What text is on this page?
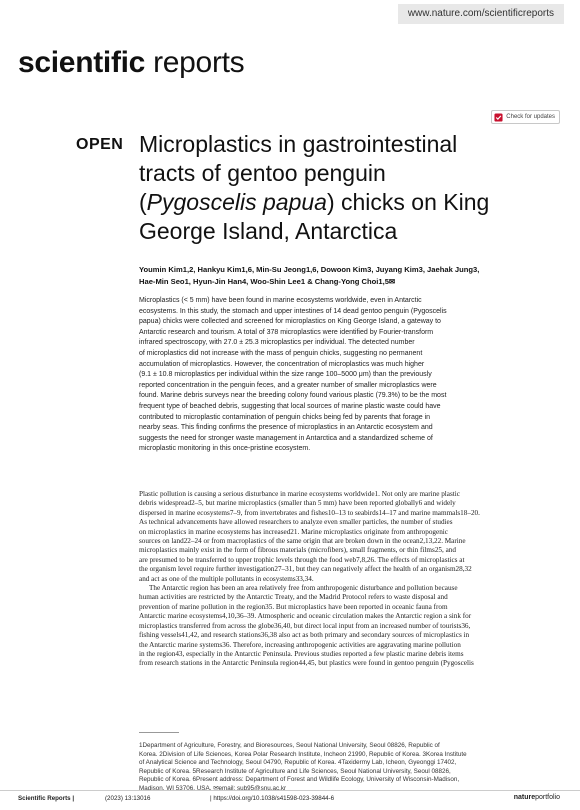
www.nature.com/scientificreports
scientific reports
Check for updates
OPEN Microplastics in gastrointestinal
tracts of gentoo penguin
(Pygoscelis papua) chicks on King
George Island, Antarctica
Youmin Kim1,2, Hankyu Kim1,6, Min-Su Jeong1,6, Dowoon Kim3, Juyang Kim3, Jaehak Jung3,
Hae-Min Seo1, Hyun-Jin Han4, Woo-Shin Lee1 & Chang-Yong Choi1,5✉
Microplastics (< 5 mm) have been found in marine ecosystems worldwide, even in Antarctic
ecosystems. In this study, the stomach and upper intestines of 14 dead gentoo penguin (Pygoscelis
papua) chicks were collected and screened for microplastics on King George Island, a gateway to
Antarctic research and tourism. A total of 378 microplastics were identified by Fourier-transform
infrared spectroscopy, with 27.0 ± 25.3 microplastics per individual. The detected number
of microplastics did not increase with the mass of penguin chicks, suggesting no permanent
accumulation of microplastics. However, the concentration of microplastics was much higher
(9.1 ± 10.8 microplastics per individual within the size range 100–5000 μm) than the previously
reported concentration in the penguin feces, and a greater number of smaller microplastics were
found. Marine debris surveys near the breeding colony found various plastic (79.3%) to be the most
frequent type of beached debris, suggesting that local sources of marine plastic waste could have
contributed to microplastic contamination of penguin chicks being fed by parents that forage in
nearby seas. This finding confirms the presence of microplastics in an Antarctic ecosystem and
suggests the need for stronger waste management in Antarctica and a standardized scheme of
microplastic monitoring in this once-pristine ecosystem.
Plastic pollution is causing a serious disturbance in marine ecosystems worldwide1. Not only are marine plastic
debris widespread2–5, but marine microplastics (smaller than 5 mm) have been reported globally6 and widely
dispersed in marine ecosystems7–9, from invertebrates and fishes10–13 to seabirds14–17 and marine mammals18–20.
As technical advancements have allowed researchers to analyze even smaller particles, the number of studies
on microplastics in marine ecosystems has increased21. Marine microplastics originate from anthropogenic
sources on land22–24 or from macroplastics of the same origin that are broken down in the ocean2,13,22. Marine
microplastics mainly exist in the form of fibrous materials (microfibers), small fragments, or thin films25, and
are presumed to be transferred to upper trophic levels through the food web7,8,26. The effects of microplastics at
the organism level require further investigation27–31, but they can negatively affect the health of an organism28,32
and act as one of the multiple pollutants in ecosystems33,34.
The Antarctic region has been an area relatively free from anthropogenic disturbance and pollution because
human activities are restricted by the Antarctic Treaty, and the Madrid Protocol refers to waste disposal and
prevention of marine pollution in the region35. But microplastics have been reported in oceanic fauna from
Antarctic marine ecosystems4,10,36–39. Atmospheric and oceanic circulation makes the Antarctic region a sink for
microplastics transferred from across the globe36,40, but direct local input from an increased number of tourists36,
fishing vessels41,42, and research stations36,38 also act as both primary and secondary sources of microplastics in
the Antarctic marine systems36. Therefore, increasing anthropogenic activities are aggravating marine pollution
in the region43, especially in the Antarctic Peninsula. Previous studies reported a few plastic marine debris items
from research stations in the Antarctic Peninsula region44,45, but plastics were found in gentoo penguin (Pygoscelis
1Department of Agriculture, Forestry, and Bioresources, Seoul National University, Seoul 08826, Republic of
Korea. 2Division of Life Sciences, Korea Polar Research Institute, Incheon 21990, Republic of Korea. 3Korea Institute
of Analytical Science and Technology, Seoul 04790, Republic of Korea. 4Taxidermy Lab, Icheon, Gyeonggi 17402,
Republic of Korea. 5Research Institute of Agriculture and Life Sciences, Seoul National University, Seoul 08826,
Republic of Korea. 6Present address: Department of Forest and Wildlife Ecology, University of Wisconsin-Madison,
Madison, WI 53706, USA. ✉email: sub95@snu.ac.kr
Scientific Reports |	(2023) 13:13016	| https://doi.org/10.1038/s41598-023-39844-6	natureportfolio
